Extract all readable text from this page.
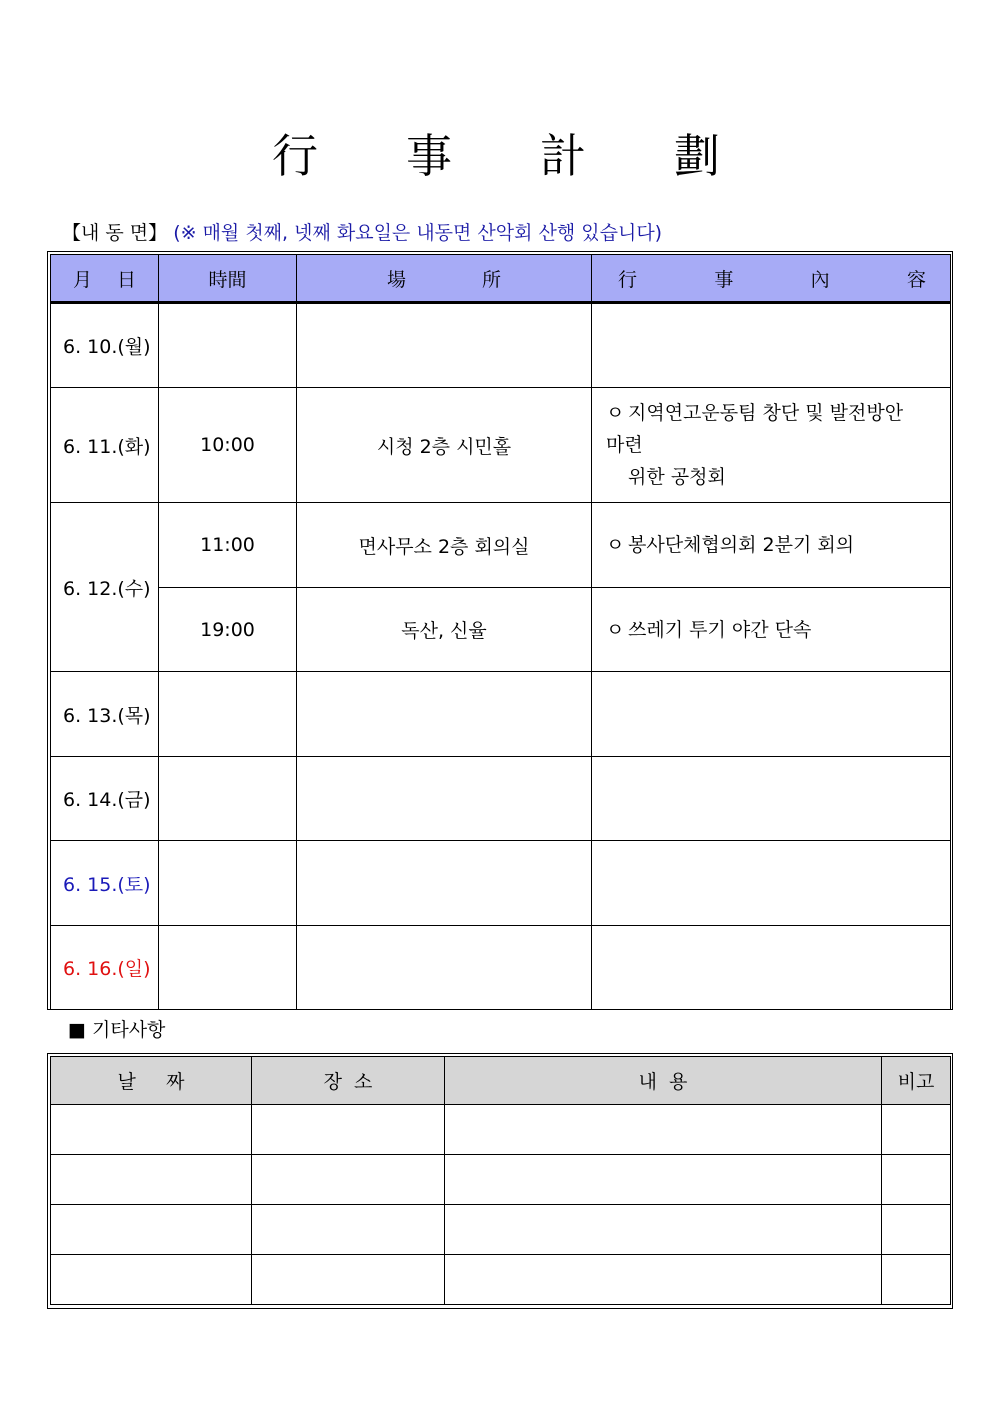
行 事 計 劃
【내 동 면】 (※ 매월 첫째, 넷째 화요일은 내동면 산악회 산행 있습니다)
月 日	時間	場 所	行 事 內 容

6. 10.(월)			
6. 11.(화)	10:00	시청 2층 시민홀	ㅇ 지역연고운동팀 창단 및 발전방안 마련
위한 공청회

6. 12.(수)	11:00	면사무소 2층 회의실	ㅇ 봉사단체협의회 2분기 회의
	19:00	독산, 신율	ㅇ 쓰레기 투기 야간 단속
6. 13.(목)			
6. 14.(금)			
6. 15.(토)			
6. 16.(일)			
■ 기타사항
날 짜	장 소	내 용	비고
